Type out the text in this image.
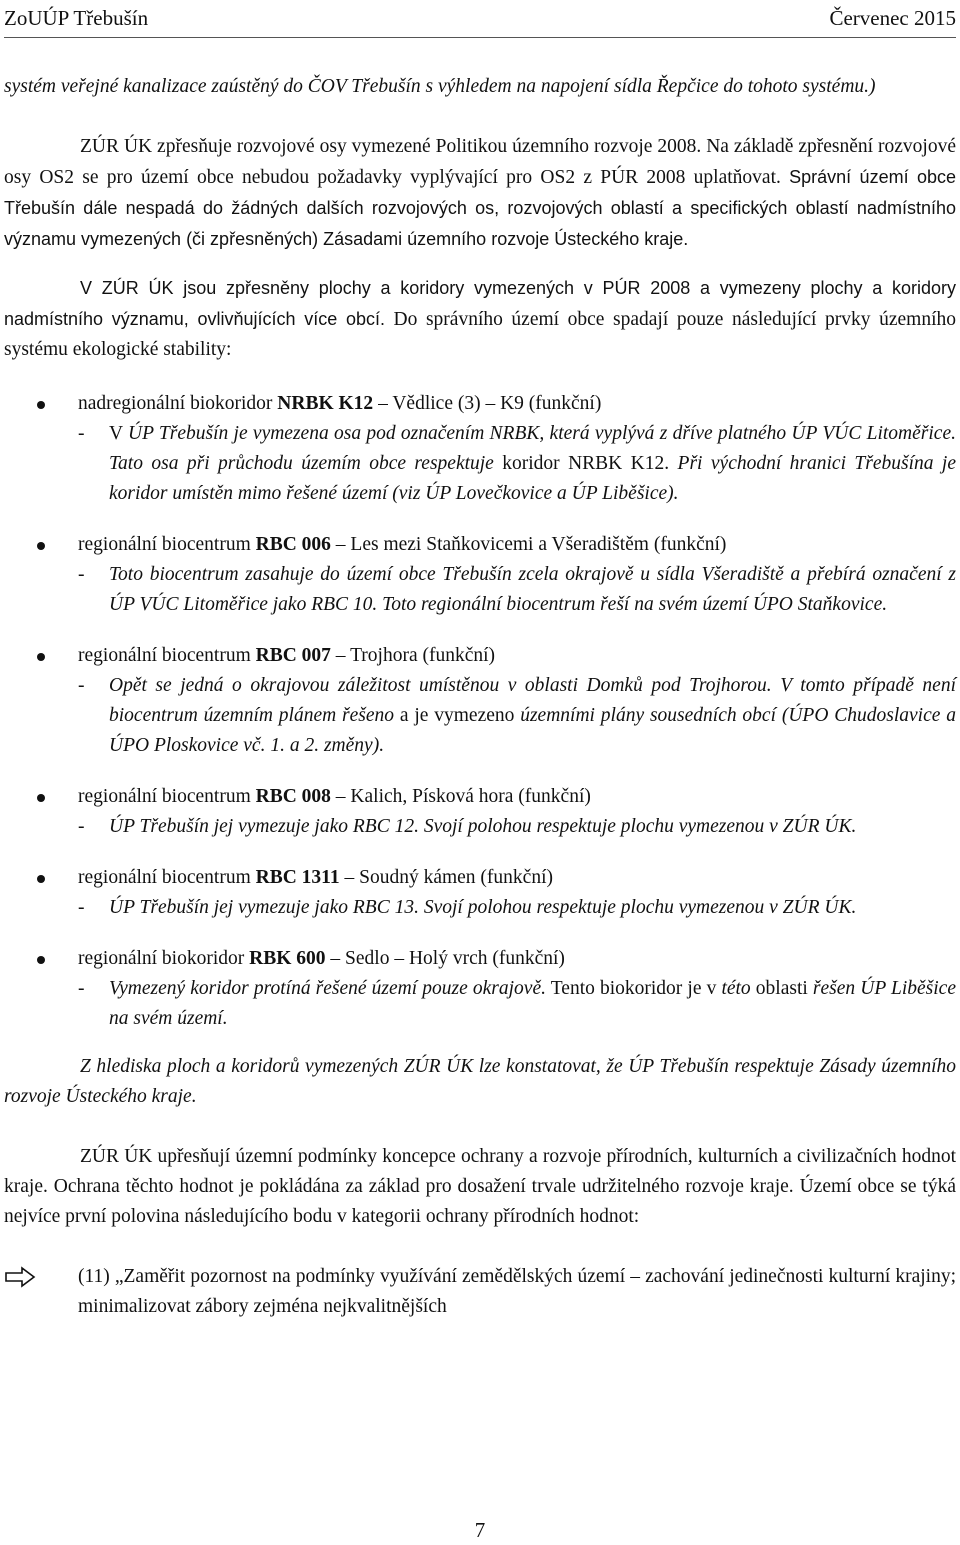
ZoUÚP Třebušín	Červenec 2015

systém veřejné kanalizace zaústěný do ČOV Třebušín s výhledem na napojení sídla Řepčice do tohoto systému.)

ZÚR ÚK zpřesňuje rozvojové osy vymezené Politikou územního rozvoje 2008. Na základě zpřesnění rozvojové osy OS2 se pro území obce nebudou požadavky vyplývající pro OS2 z PÚR 2008 uplatňovat. Správní území obce Třebušín dále nespadá do žádných dalších rozvojových os, rozvojových oblastí a specifických oblastí nadmístního významu vymezených (či zpřesněných) Zásadami územního rozvoje Ústeckého kraje.

V ZÚR ÚK jsou zpřesněny plochy a koridory vymezených v PÚR 2008 a vymezeny plochy a koridory nadmístního významu, ovlivňujících více obcí. Do správního území obce spadají pouze následující prvky územního systému ekologické stability:

nadregionální biokoridor NRBK K12 – Vědlice (3) – K9 (funkční)
- V ÚP Třebušín je vymezena osa pod označením NRBK, která vyplývá z dříve platného ÚP VÚC Litoměřice. Tato osa při průchodu územím obce respektuje koridor NRBK K12. Při východní hranici Třebušína je koridor umístěn mimo řešené území (viz ÚP Lovečkovice a ÚP Liběšice).
regionální biocentrum RBC 006 – Les mezi Staňkovicemi a Všeradištěm (funkční)
- Toto biocentrum zasahuje do území obce Třebušín zcela okrajově u sídla Všeradiště a přebírá označení z ÚP VÚC Litoměřice jako RBC 10. Toto regionální biocentrum řeší na svém území ÚPO Staňkovice.
regionální biocentrum RBC 007 – Trojhora (funkční)
- Opět se jedná o okrajovou záležitost umístěnou v oblasti Domků pod Trojhorou. V tomto případě není biocentrum územním plánem řešeno a je vymezeno územními plány sousedních obcí (ÚPO Chudoslavice a ÚPO Ploskovice vč. 1. a 2. změny).
regionální biocentrum RBC 008 – Kalich, Písková hora (funkční)
- ÚP Třebušín jej vymezuje jako RBC 12. Svojí polohou respektuje plochu vymezenou v ZÚR ÚK.
regionální biocentrum RBC 1311 – Soudný kámen (funkční)
- ÚP Třebušín jej vymezuje jako RBC 13. Svojí polohou respektuje plochu vymezenou v ZÚR ÚK.
regionální biokoridor RBK 600 – Sedlo – Holý vrch (funkční)
- Vymezený koridor protíná řešené území pouze okrajově. Tento biokoridor je v této oblasti řešen ÚP Liběšice na svém území.

Z hlediska ploch a koridorů vymezených ZÚR ÚK lze konstatovat, že ÚP Třebušín respektuje Zásady územního rozvoje Ústeckého kraje.

ZÚR ÚK upřesňují územní podmínky koncepce ochrany a rozvoje přírodních, kulturních a civilizačních hodnot kraje. Ochrana těchto hodnot je pokládána za základ pro dosažení trvale udržitelného rozvoje kraje. Území obce se týká nejvíce první polovina následujícího bodu v kategorii ochrany přírodních hodnot:

(11) „Zaměřit pozornost na podmínky využívání zemědělských území – zachování jedinečnosti kulturní krajiny; minimalizovat zábory zejména nejkvalitnějších
7
